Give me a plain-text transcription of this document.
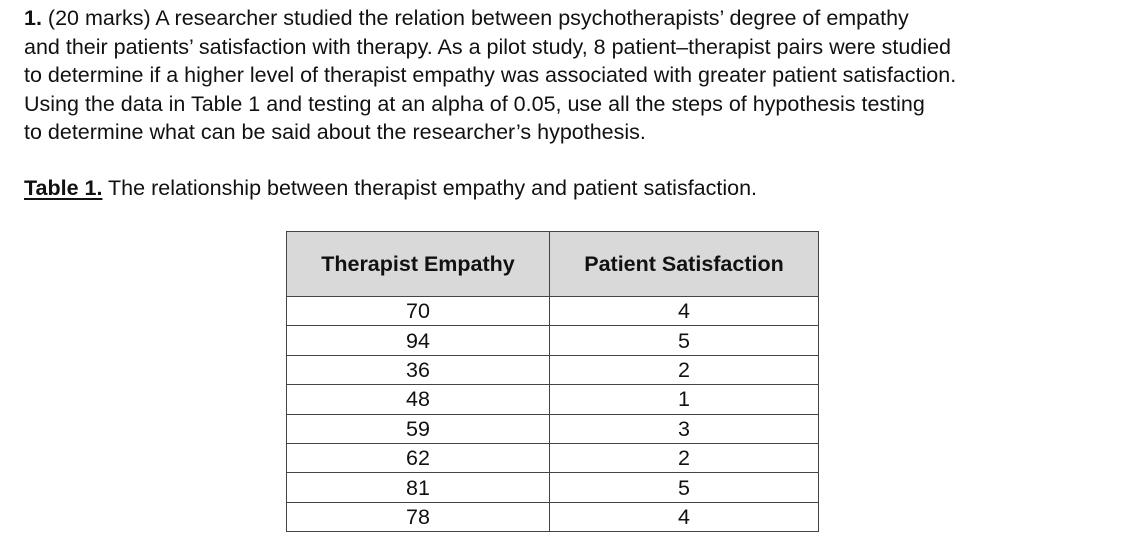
1. (20 marks) A researcher studied the relation between psychotherapists’ degree of empathy
and their patients’ satisfaction with therapy. As a pilot study, 8 patient–therapist pairs were studied
to determine if a higher level of therapist empathy was associated with greater patient satisfaction.
Using the data in Table 1 and testing at an alpha of 0.05, use all the steps of hypothesis testing
to determine what can be said about the researcher’s hypothesis.

Table 1. The relationship between therapist empathy and patient satisfaction.

Therapist Empathy	Patient Satisfaction
70	4
94	5
36	2
48	1
59	3
62	2
81	5
78	4
